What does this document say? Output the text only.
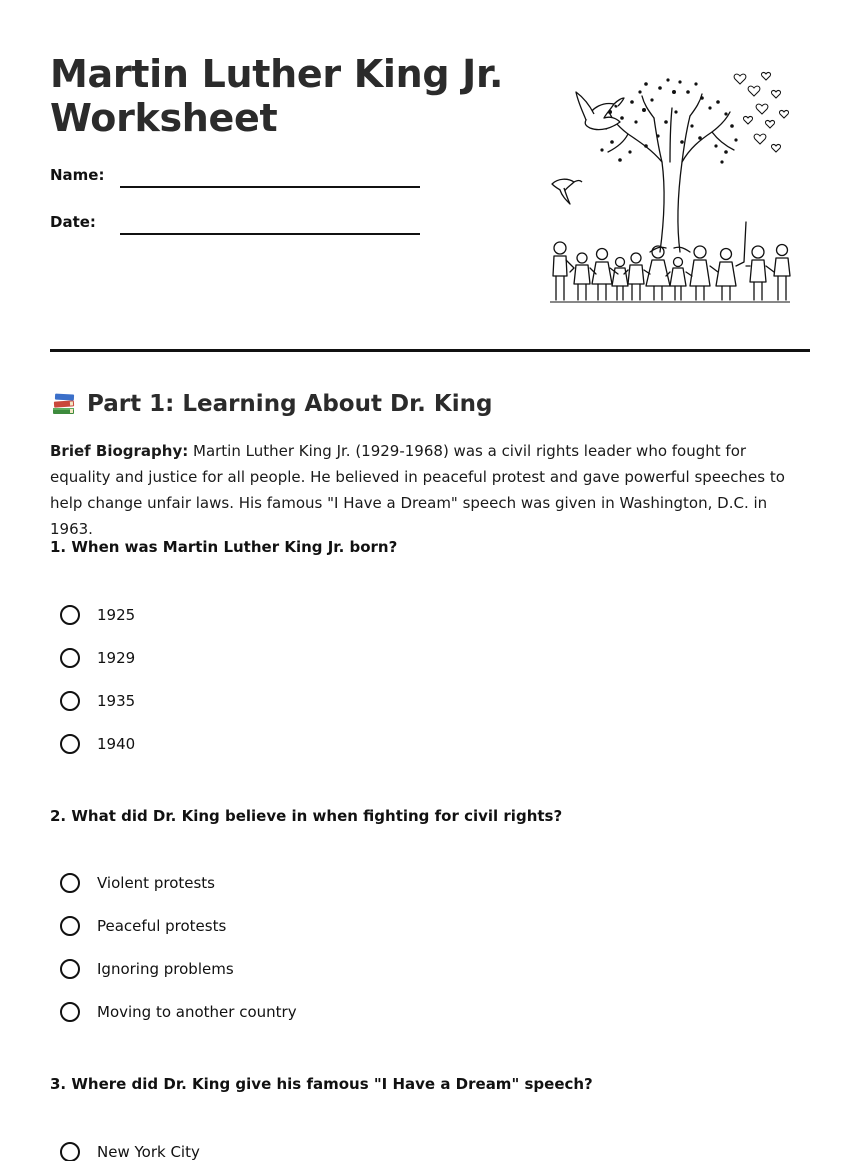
Martin Luther King Jr. Worksheet
Name:
Date:
Part 1: Learning About Dr. King

Brief Biography: Martin Luther King Jr. (1929-1968) was a civil rights leader who fought for equality and justice for all people. He believed in peaceful protest and gave powerful speeches to help change unfair laws. His famous "I Have a Dream" speech was given in Washington, D.C. in 1963.

1. When was Martin Luther King Jr. born?

1925
1929
1935
1940

2. What did Dr. King believe in when fighting for civil rights?

Violent protests
Peaceful protests
Ignoring problems
Moving to another country

3. Where did Dr. King give his famous "I Have a Dream" speech?

New York City
